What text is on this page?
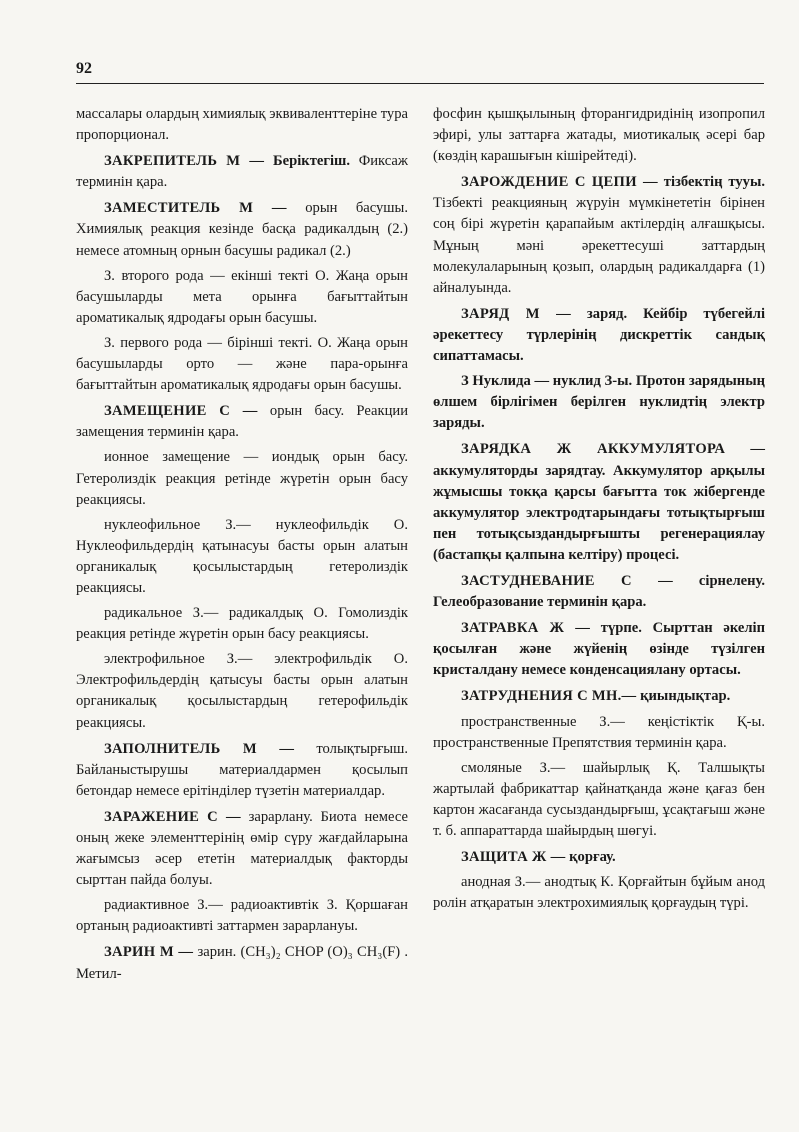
92

массалары олардың химиялық эквиваленттеріне тура пропорционал.

ЗАКРЕПИТЕЛЬ М — Беріктегіш. Фиксаж терминін қара.

ЗАМЕСТИТЕЛЬ М — орын басушы. Химиялық реакция кезінде басқа радикалдың (2.) немесе атомның орнын басушы радикал (2.)

З. второго рода — екінші текті О. Жаңа орын басушыларды мета орынға бағыттайтын ароматикалық ядродағы орын басушы.

З. первого рода — бірінші текті. О. Жаңа орын басушыларды орто — және пара-орынға бағыттайтын ароматикалық ядродағы орын басушы.

ЗАМЕЩЕНИЕ С — орын басу. Реакции замещения терминін қара.

ионное замещение — иондық орын басу. Гетеролиздік реакция ретінде жүретін орын басу реакциясы.

нуклеофильное З.— нуклеофильдік О. Нуклеофильдердің қатынасуы басты орын алатын органикалық қосылыстардың гетеролиздік реакциясы.

радикальное З.— радикалдық О. Гомолиздік реакция ретінде жүретін орын басу реакциясы.

электрофильное З.— электрофильдік О. Электрофильдердің қатысуы басты орын алатын органикалық қосылыстардың гетерофильдік реакциясы.

ЗАПОЛНИТЕЛЬ М — толықтырғыш. Байланыстырушы материалдармен қосылып бетондар немесе ерітінділер түзетін материалдар.

ЗАРАЖЕНИЕ С — зарарлану. Биота немесе оның жеке элементтерінің өмір сүру жағдайларына жағымсыз әсер ететін материалдық факторды сырттан пайда болуы.

радиактивное З.— радиоактивтік З. Қоршаған ортаның радиоактивті заттармен зарарлануы.

ЗАРИН М — зарин. (CH₃)₂ CHOP (O)₃ CH₃(F) . Метил-

фосфин қышқылының фторангидридінің изопропил эфирі, улы заттарға жатады, миотикалық әсері бар (көздің карашығын кішірейтеді).

ЗАРОЖДЕНИЕ С ЦЕПИ — тізбектің тууы. Тізбекті реакцияның жүруін мүмкінететін бірінен соң бірі жүретін қарапайым актілердің алғашқысы. Мұның мәні әрекеттесуші заттардың молекулаларының қозып, олардың радикалдарға (1) айналуында.

ЗАРЯД М — заряд. Кейбір түбегейлі әрекеттесу түрлерінің дискреттік сандық сипаттамасы.

З Нуклида — нуклид З-ы. Протон зарядының өлшем бірлігімен берілген нуклидтің электр заряды.

ЗАРЯДКА Ж АККУМУЛЯТОРА — аккумуляторды зарядтау. Аккумулятор арқылы жұмысшы токқа қарсы бағытта ток жібергенде аккумулятор электродтарындағы тотықтырғыш пен тотықсыздандырғышты регенерациялау (бастапқы қалпына келтіру) процесі.

ЗАСТУДНЕВАНИЕ С — сірнелену. Гелеобразование терминін қара.

ЗАТРАВКА Ж — түрпе. Сырттан әкеліп қосылған және жүйенің өзінде түзілген кристалдану немесе конденсациялану ортасы.

ЗАТРУДНЕНИЯ С МН.— қиындықтар.

пространственные З.— кеңістіктік Қ-ы. пространственные Препятствия терминін қара.

смоляные З.— шайырлық Қ. Талшықты жартылай фабрикаттар қайнатқанда және қағаз бен картон жасағанда сусыздандырғыш, ұсақтағыш және т. б. аппараттарда шайырдың шөгуі.

ЗАЩИТА Ж — қорғау.

анодная З.— анодтық К. Қорғайтын бұйым анод ролін атқаратын электрохимиялық қорғаудың түрі.
